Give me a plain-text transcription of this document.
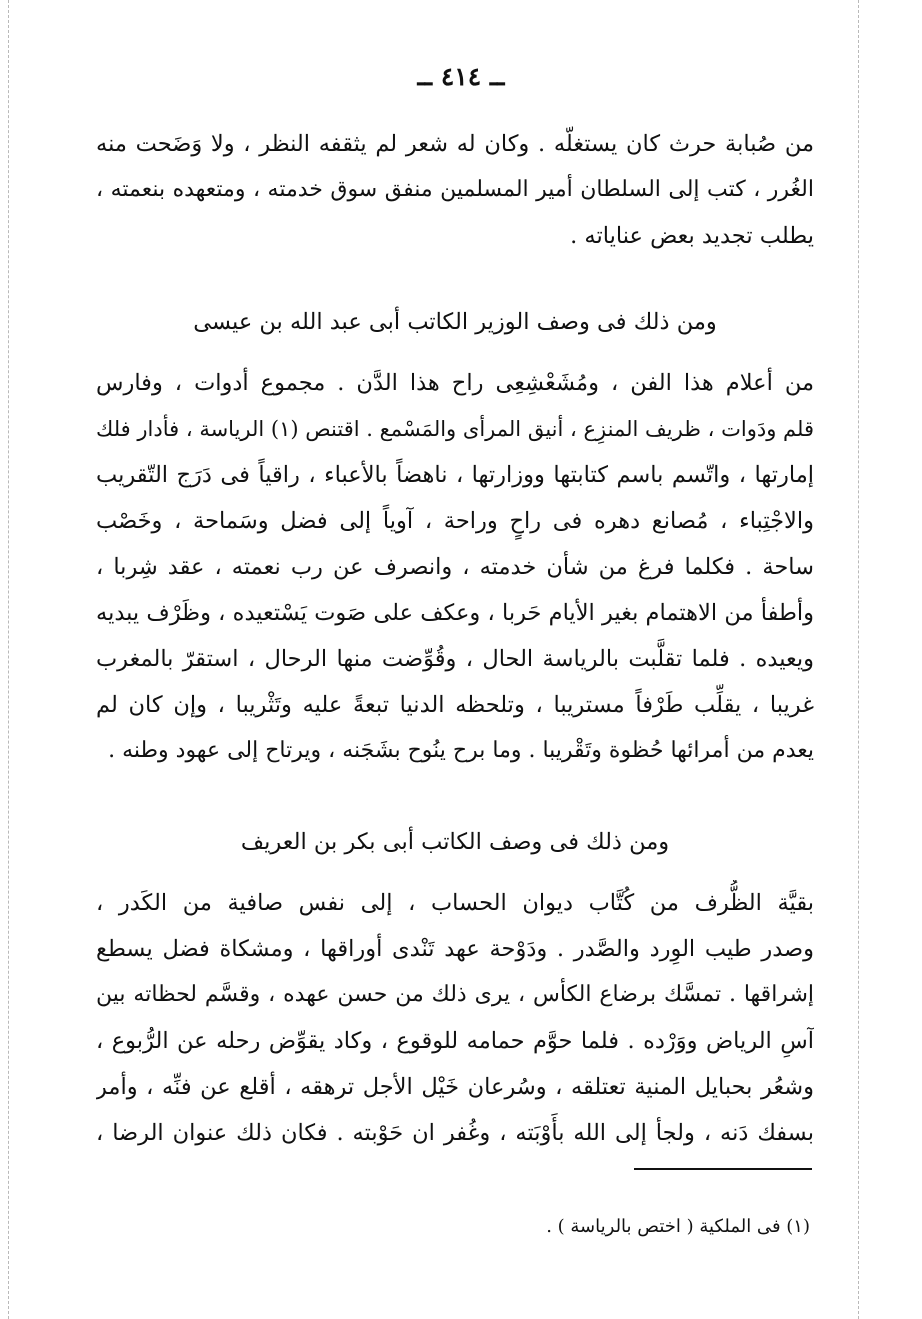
ــ ٤١٤ ــ
من صُبابة حرث كان يستغلّه . وكان له شعر لم يثقفه النظر ، ولا وَضَحت منه
الغُرر ، كتب إلى السلطان أمير المسلمين منفق سوق خدمته ، ومتعهده بنعمته ،
يطلب تجديد بعض عناياته .
ومن ذلك فى وصف الوزير الكاتب أبى عبد الله بن عيسى
من أعلام هذا الفن ، ومُشَعْشِعِى راح هذا الدَّن . مجموع أدوات ، وفارس
قلم ودَوات ، ظريف المنزِع ، أنيق المرأى والمَسْمع . اقتنص (١) الرياسة ، فأدار فلك
إمارتها ، واتّسم باسم كتابتها ووزارتها ، ناهضاً بالأعباء ، راقياً فى دَرَج التّقريب
والاجْتِباء ، مُصانع دهره فى راحٍ وراحة ، آوياً إلى فضل وسَماحة ، وخَصْب
ساحة . فكلما فرغ من شأن خدمته ، وانصرف عن رب نعمته ، عقد شِربا ،
وأطفأ من الاهتمام بغير الأيام حَربا ، وعكف على صَوت يَسْتعيده ، وظَرْف يبديه
ويعيده . فلما تقلَّبت بالرياسة الحال ، وقُوِّضت منها الرحال ، استقرّ بالمغرب
غريبا ، يقلِّب طَرْفاً مستريبا ، وتلحظه الدنيا تبعةً عليه وتَثْريبا ، وإن كان لم
يعدم من أمرائها حُظوة وتَقْريبا . وما برح ينُوح بشَجَنه ، ويرتاح إلى عهود وطنه .
ومن ذلك فى وصف الكاتب أبى بكر بن العريف
بقيَّة الظُّرف من كُتَّاب ديوان الحساب ، إلى نفس صافية من الكَدر ،
وصدر طيب الوِرد والصَّدر . ودَوْحة عهد تَنْدى أوراقها ، ومشكاة فضل يسطع
إشراقها . تمسَّك برضاع الكأس ، يرى ذلك من حسن عهده ، وقسَّم لحظاته بين
آسِ الرياض ووَرْده . فلما حوَّم حمامه للوقوع ، وكاد يقوِّض رحله عن الرُّبوع ،
وشعُر بحبايل المنية تعتلقه ، وسُرعان خَيْل الأجل ترهقه ، أقلع عن فنِّه ، وأمر
بسفك دَنه ، ولجأ إلى الله بأَوْبَته ، وغُفر ان حَوْبته . فكان ذلك عنوان الرضا ،
(١) فى الملكية ( اختص بالرياسة ) .
